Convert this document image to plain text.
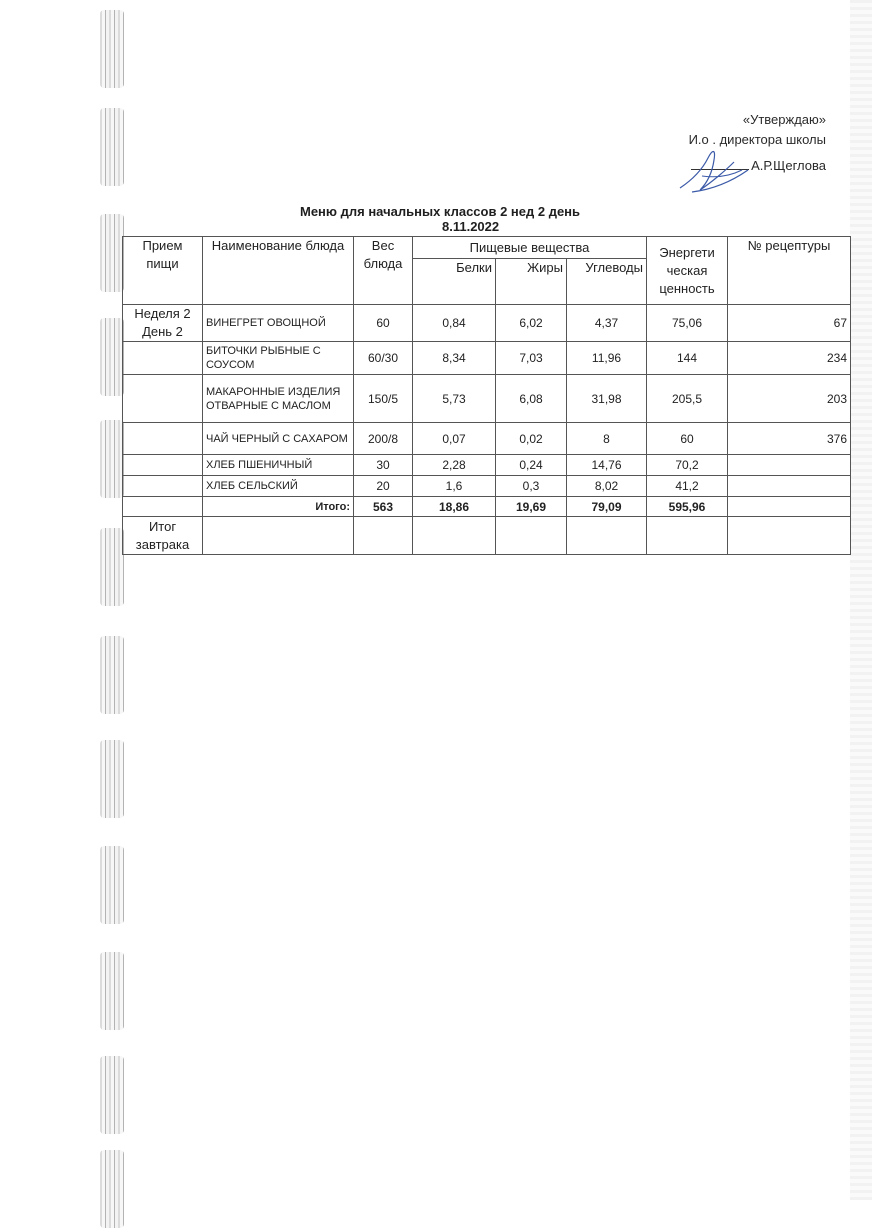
«Утверждаю»
И.о . директора школы
А.Р.Щеглова
Меню для начальных классов 2 нед 2 день
8.11.2022
Прием пищи	Наименование блюда	Вес блюда	Пищевые вещества			Энергети ческая ценность	№ рецептуры
			Белки	Жиры	Углеводы		
Неделя 2 День 2	ВИНЕГРЕТ ОВОЩНОЙ	60	0,84	6,02	4,37	75,06	67
	БИТОЧКИ РЫБНЫЕ С СОУСОМ	60/30	8,34	7,03	11,96	144	234
	МАКАРОННЫЕ ИЗДЕЛИЯ ОТВАРНЫЕ С МАСЛОМ	150/5	5,73	6,08	31,98	205,5	203
	ЧАЙ ЧЕРНЫЙ С САХАРОМ	200/8	0,07	0,02	8	60	376
	ХЛЕБ ПШЕНИЧНЫЙ	30	2,28	0,24	14,76	70,2	
	ХЛЕБ СЕЛЬСКИЙ	20	1,6	0,3	8,02	41,2	
	Итого:	563	18,86	19,69	79,09	595,96	
Итог завтрака							
